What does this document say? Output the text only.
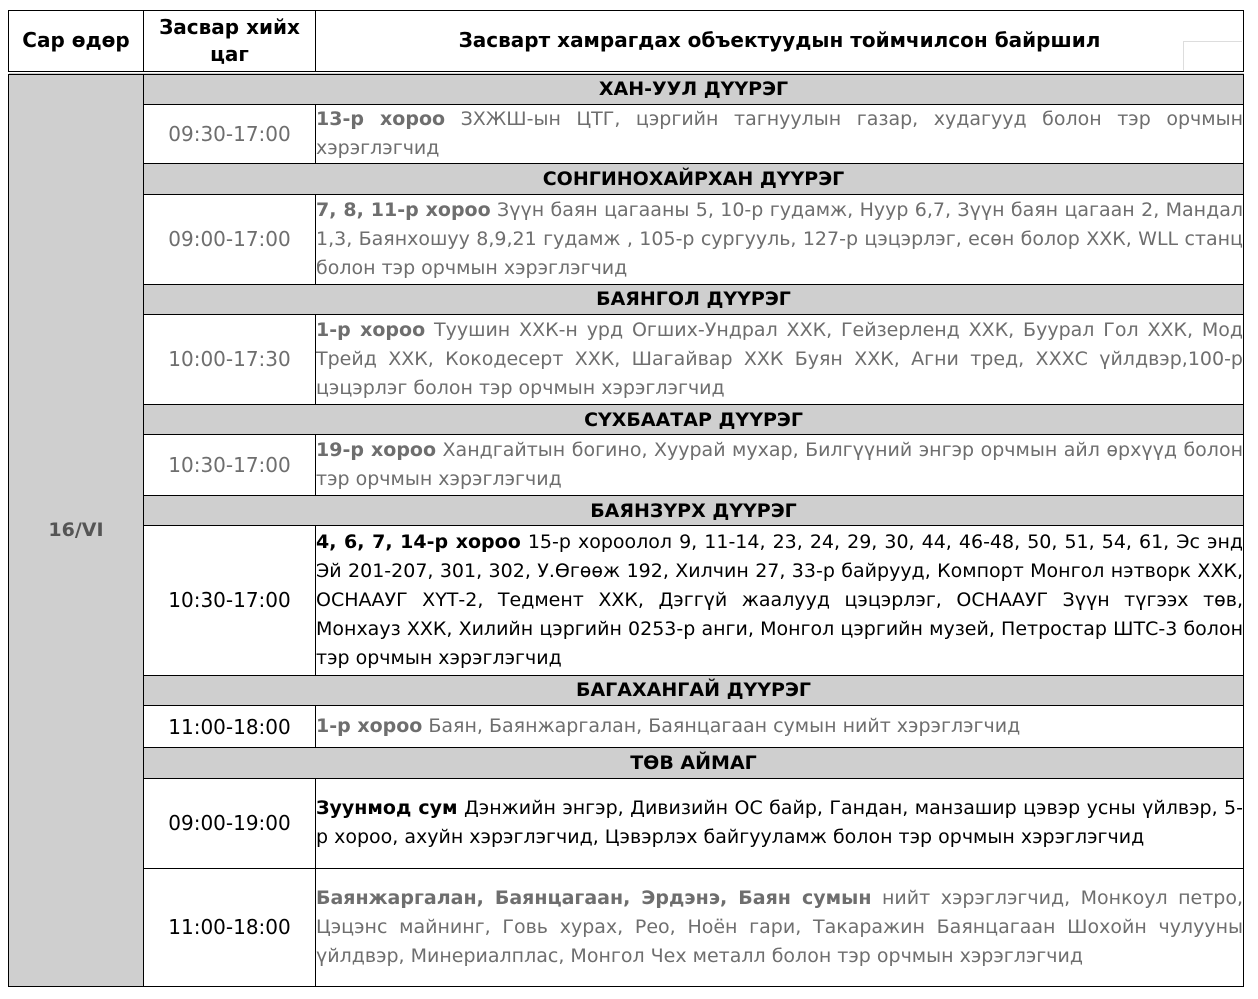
Сар өдөр	Засвар хийх цаг	Засварт хамрагдах объектуудын тоймчилсон байршил
16/VI	ХАН-УУЛ ДҮҮРЭГ	
	09:30-17:00	13-р хороо ЗХЖШ-ын ЦТГ, цэргийн тагнуулын газар, худагууд болон тэр орчмын хэрэглэгчид
	СОНГИНОХАЙРХАН ДҮҮРЭГ	
	09:00-17:00	7, 8, 11-р хороо Зүүн баян цагааны 5, 10-р гудамж, Нуур 6,7, Зүүн баян цагаан 2, Мандал 1,3, Баянхошуу 8,9,21 гудамж , 105-р сургууль, 127-р цэцэрлэг, есөн болор ХХК, WLL станц болон тэр орчмын хэрэглэгчид
	БАЯНГОЛ ДҮҮРЭГ	
	10:00-17:30	1-р хороо Туушин ХХК-н урд Огших-Ундрал ХХК, Гейзерленд ХХК, Буурал Гол ХХК, Мод Трейд ХХК, Кокодесерт ХХК, Шагайвар ХХК Буян ХХК, Агни тред, ХХХС үйлдвэр,100-р цэцэрлэг болон тэр орчмын хэрэглэгчид
	СҮХБААТАР ДҮҮРЭГ	
	10:30-17:00	19-р хороо Хандгайтын богино, Хуурай мухар, Билгүүний энгэр орчмын айл өрхүүд болон тэр орчмын хэрэглэгчид
	БАЯНЗҮРХ ДҮҮРЭГ	
	10:30-17:00	4, 6, 7, 14-р хороо 15-р хороолол 9, 11-14, 23, 24, 29, 30, 44, 46-48, 50, 51, 54, 61, Эс энд Эй 201-207, 301, 302, У.Өгөөж 192, Хилчин 27, 33-р байрууд, Компорт Монгол нэтворк ХХК, ОСНААУГ ХҮТ-2, Тедмент ХХК, Дэггүй жаалууд цэцэрлэг, ОСНААУГ Зүүн түгээх төв, Монхауз ХХК, Хилийн цэргийн 0253-р анги, Монгол цэргийн музей, Петростар ШТС-3 болон тэр орчмын хэрэглэгчид
	БАГАХАНГАЙ ДҮҮРЭГ	
	11:00-18:00	1-р хороо Баян, Баянжаргалан, Баянцагаан сумын нийт хэрэглэгчид
	ТӨВ АЙМАГ	
	09:00-19:00	Зуунмод сум Дэнжийн энгэр, Дивизийн ОС байр, Гандан, манзашир цэвэр усны үйлвэр, 5-р хороо, ахуйн хэрэглэгчид, Цэвэрлэх байгууламж болон тэр орчмын хэрэглэгчид
	11:00-18:00	Баянжаргалан, Баянцагаан, Эрдэнэ, Баян сумын нийт хэрэглэгчид, Монкоул петро, Цэцэнс майнинг, Говь хурах, Рео, Ноён гари, Такаражин Баянцагаан Шохойн чулууны үйлдвэр, Минериалплас, Монгол Чех металл болон тэр орчмын хэрэглэгчид
